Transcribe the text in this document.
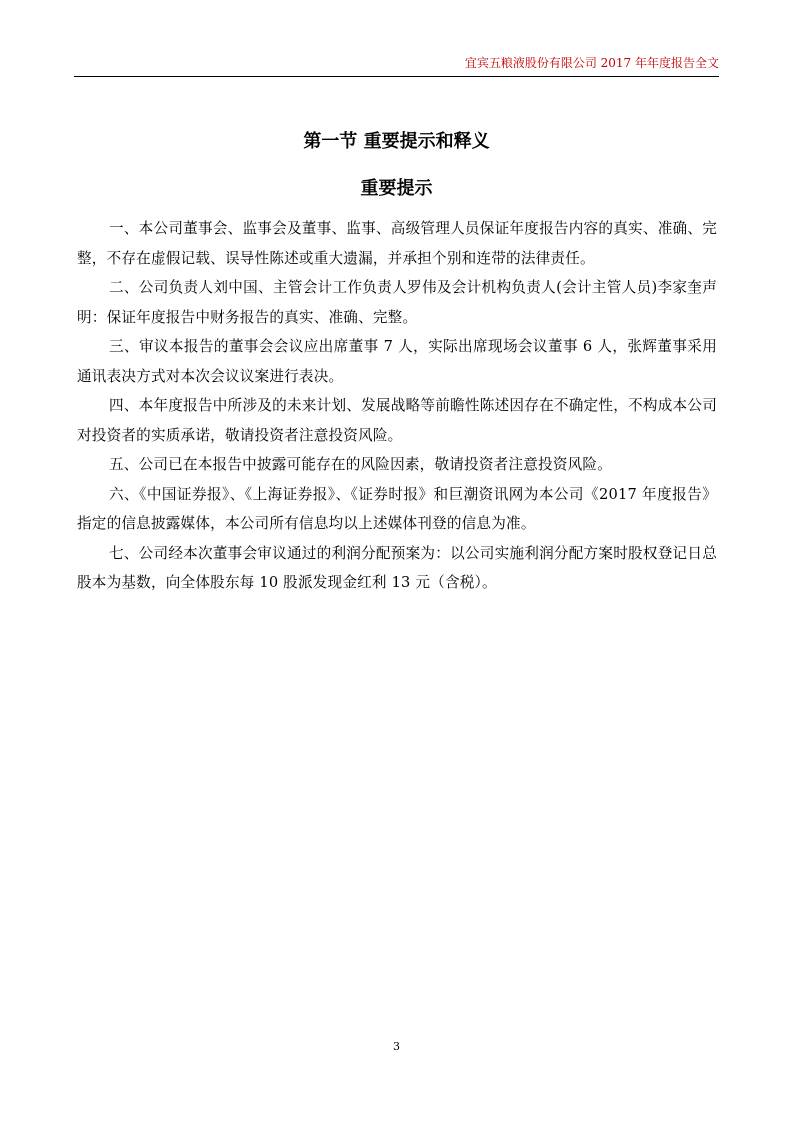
宜宾五粮液股份有限公司 2017 年年度报告全文
第一节 重要提示和释义
重要提示

一、本公司董事会、监事会及董事、监事、高级管理人员保证年度报告内容的真实、准确、完整，不存在虚假记载、误导性陈述或重大遗漏，并承担个别和连带的法律责任。

二、公司负责人刘中国、主管会计工作负责人罗伟及会计机构负责人(会计主管人员)李家奎声明：保证年度报告中财务报告的真实、准确、完整。

三、审议本报告的董事会会议应出席董事 7 人，实际出席现场会议董事 6 人，张辉董事采用通讯表决方式对本次会议议案进行表决。

四、本年度报告中所涉及的未来计划、发展战略等前瞻性陈述因存在不确定性，不构成本公司对投资者的实质承诺，敬请投资者注意投资风险。

五、公司已在本报告中披露可能存在的风险因素，敬请投资者注意投资风险。

六、《中国证券报》、《上海证券报》、《证券时报》和巨潮资讯网为本公司《2017 年度报告》指定的信息披露媒体，本公司所有信息均以上述媒体刊登的信息为准。

七、公司经本次董事会审议通过的利润分配预案为：以公司实施利润分配方案时股权登记日总股本为基数，向全体股东每 10 股派发现金红利 13 元（含税）。

3
